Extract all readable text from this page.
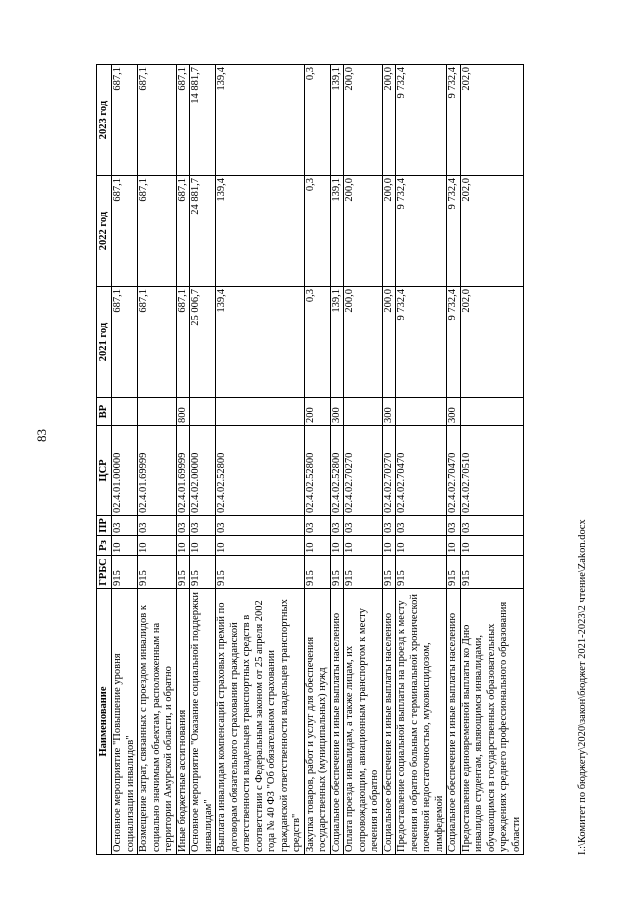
83
Наименование	ГРБС	Рз	ПР	ЦСР	ВР	2021 год	2022 год	2023 год
Основное мероприятие "Повышение уровня социализации инвалидов"	915	10	03	02.4.01.00000		687,1	687,1	687,1
Возмещение затрат, связанных с проездом инвалидов к социально значимым объектам, расположенным на территории Амурской области, и обратно	915	10	03	02.4.01.69999		687,1	687,1	687,1
Иные бюджетные ассигнования	915	10	03	02.4.01.69999	800	687,1	687,1	687,1
Основное мероприятие "Оказание социальной поддержки инвалидам"	915	10	03	02.4.02.00000		25 006,7	24 881,7	14 881,7
Выплата инвалидам компенсаций страховых премий по договорам обязательного страхования гражданской ответственности владельцев транспортных средств в соответствии с Федеральным законом от 25 апреля 2002 года № 40 ФЗ "Об обязательном страховании гражданской ответственности владельцев транспортных средств"	915	10	03	02.4.02.52800		139,4	139,4	139,4
Закупка товаров, работ и услуг для обеспечения государственных (муниципальных) нужд	915	10	03	02.4.02.52800	200	0,3	0,3	0,3
Социальное обеспечение и иные выплаты населению	915	10	03	02.4.02.52800	300	139,1	139,1	139,1
Оплата проезда инвалидам, а также лицам, их сопровождающим, авиационным транспортом к месту лечения и обратно	915	10	03	02.4.02.70270		200,0	200,0	200,0
Социальное обеспечение и иные выплаты населению	915	10	03	02.4.02.70270	300	200,0	200,0	200,0
Предоставление социальной выплаты на проезд к месту лечения и обратно больным с терминальной хронической почечной недостаточностью, муковисцидозом, лимфедемой	915	10	03	02.4.02.70470		9 732,4	9 732,4	9 732,4
Социальное обеспечение и иные выплаты населению	915	10	03	02.4.02.70470	300	9 732,4	9 732,4	9 732,4
Предоставление единовременной выплаты ко Дню инвалидов студентам, являющимся инвалидами, обучающимся в государственных образовательных учреждениях среднего профессионального образования области	915	10	03	02.4.02.70510		202,0	202,0	202,0
I.:\Комитет по бюджету\2020\закон\бюджет 2021-2023\2 чтение\Zakon.docx
